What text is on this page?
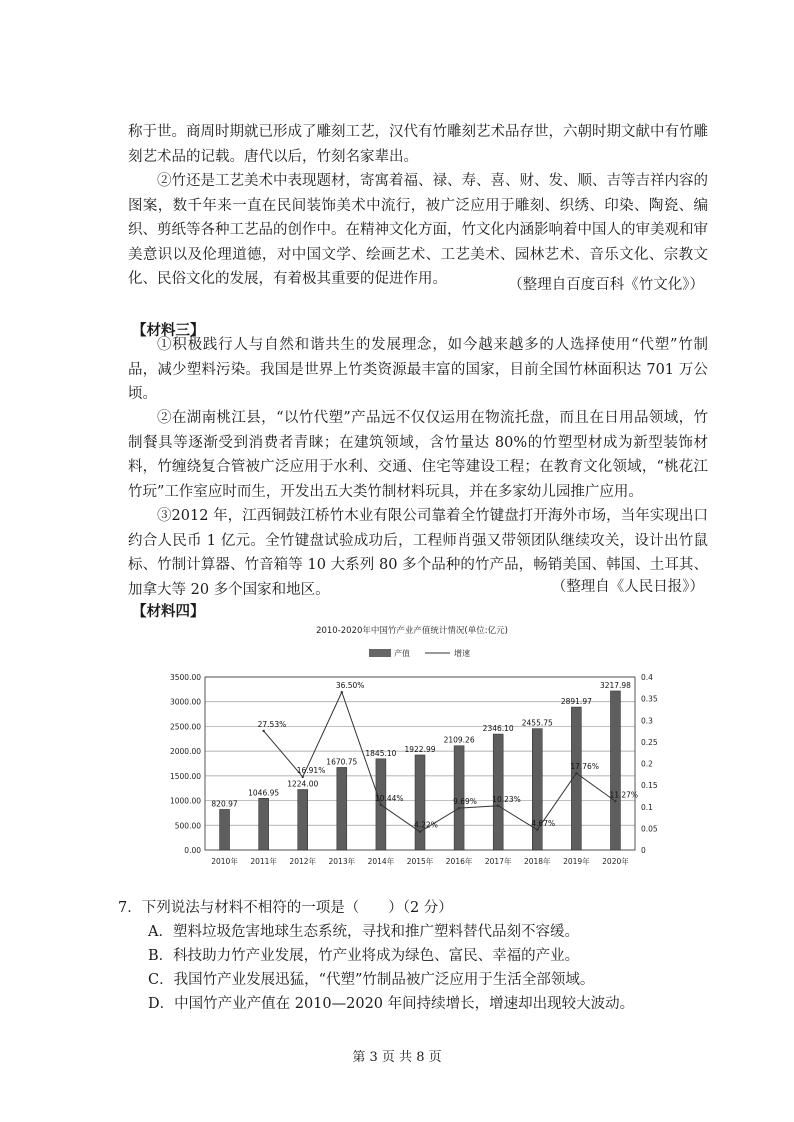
称于世。商周时期就已形成了雕刻工艺，汉代有竹雕刻艺术品存世，六朝时期文献中有竹雕刻艺术品的记载。唐代以后，竹刻名家辈出。

②竹还是工艺美术中表现题材，寄寓着福、禄、寿、喜、财、发、顺、吉等吉祥内容的图案，数千年来一直在民间装饰美术中流行，被广泛应用于雕刻、织绣、印染、陶瓷、编织、剪纸等各种工艺品的创作中。在精神文化方面，竹文化内涵影响着中国人的审美观和审美意识以及伦理道德，对中国文学、绘画艺术、工艺美术、园林艺术、音乐文化、宗教文化、民俗文化的发展，有着极其重要的促进作用。	（整理自百度百科《竹文化》）
【材料三】

①积极践行人与自然和谐共生的发展理念，如今越来越多的人选择使用“代塑”竹制品，减少塑料污染。我国是世界上竹类资源最丰富的国家，目前全国竹林面积达 701 万公顷。

②在湖南桃江县，“以竹代塑”产品远不仅仅运用在物流托盘，而且在日用品领域，竹制餐具等逐渐受到消费者青睐；在建筑领域，含竹量达 80%的竹塑型材成为新型装饰材料，竹缠绕复合管被广泛应用于水利、交通、住宅等建设工程；在教育文化领域，“桃花江竹玩”工作室应时而生，开发出五大类竹制材料玩具，并在多家幼儿园推广应用。

③2012 年，江西铜鼓江桥竹木业有限公司靠着全竹键盘打开海外市场，当年实现出口约合人民币 1 亿元。全竹键盘试验成功后，工程师肖强又带领团队继续攻关，设计出竹鼠标、竹制计算器、竹音箱等 10 大系列 80 多个品种的竹产品，畅销美国、韩国、土耳其、加拿大等 20 多个国家和地区。	（整理自《人民日报》）
【材料四】
2010-2020年中国竹产业产值统计情况(单位:亿元)
产值	增速
0.00
500.00
1000.00
1500.00
2000.00
2500.00
3000.00
3500.00
0
0.05
0.1
0.15
0.2
0.25
0.3
0.35
0.4
820.97
1046.95
1224.00
1670.75
1845.10 1922.99
2109.26
2346.10
2455.75
2891.97
3217.98
27.53%
16.91%
36.50%
10.44%
4.22%
9.69% 10.23%
4.67%
17.76%
11.27%
2010年 2011年 2012年 2013年 2014年 2015年 2016年 2017年 2018年 2019年 2020年
7．下列说法与材料不相符的一项是（　　）（2 分）
A．塑料垃圾危害地球生态系统，寻找和推广塑料替代品刻不容缓。
B．科技助力竹产业发展，竹产业将成为绿色、富民、幸福的产业。
C．我国竹产业发展迅猛，“代塑”竹制品被广泛应用于生活全部领域。
D．中国竹产业产值在 2010—2020 年间持续增长，增速却出现较大波动。
第 3 页 共 8 页
